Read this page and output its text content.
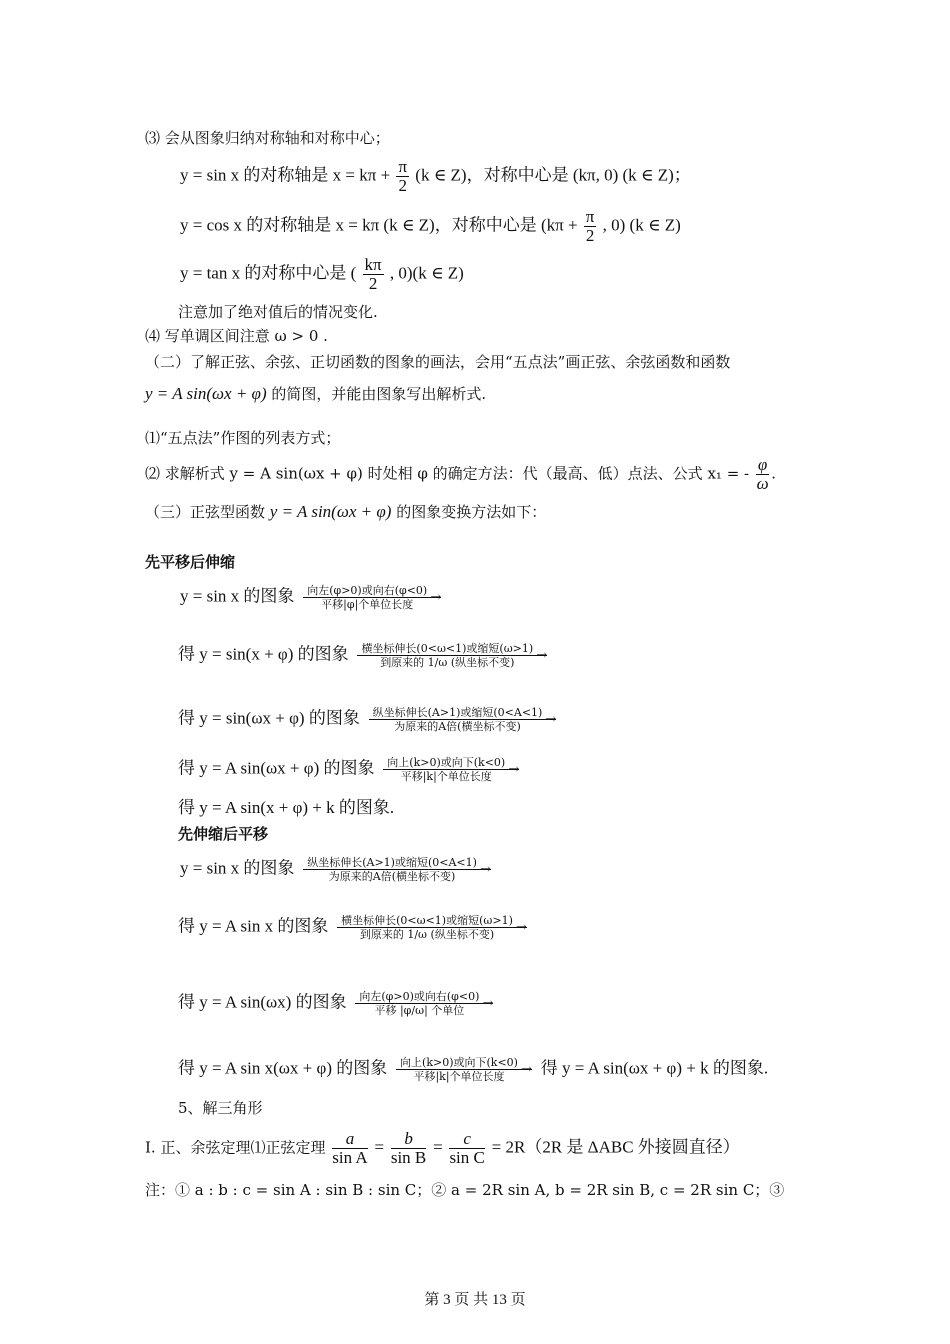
⑶ 会从图象归纳对称轴和对称中心；
y = sin x 的对称轴是 $x = k\pi + \frac{\pi}{2} (k$ ∈ Z)，对称中心是 (kπ, 0) (k ∈ Z)；
y = cos x 的对称轴是 x = kπ (k ∈ Z)，对称中心是 ($k\pi + \frac{\pi}{2}$ , 0) (k ∈ Z)
y = tan x 的对称中心是 ( $\frac{k\pi}{2}$ , 0)(k ∈ Z)
注意加了绝对值后的情况变化.
⑷ 写单调区间注意 ω > 0 .
（二）了解正弦、余弦、正切函数的图象的画法，会用“五点法”画正弦、余弦函数和函数
y = A sin(ωx + φ) 的简图，并能由图象写出解析式.
⑴“五点法”作图的列表方式；
⑵ 求解析式 y = A sin(ωx + φ) 时处相 φ 的确定方法：代（最高、低）点法、公式 x₁ = - $\frac{\varphi}{\omega}$ .
（三）正弦型函数 y = A sin(ωx + φ) 的图象变换方法如下：
先平移后伸缩
y = sin x 的图象	向左(φ>0)或向右(φ<0)
平移|φ|个单位长度	→
得 y = sin(x + φ) 的图象	横坐标伸长(0<ω<1)或缩短(ω>1)
到原来的 1/ω (纵坐标不变)	→
得 y = sin(ωx + φ) 的图象	纵坐标伸长(A>1)或缩短(0<A<1)
为原来的A倍(横坐标不变)	→
得 y = A sin(ωx + φ) 的图象	向上(k>0)或向下(k<0)
平移|k|个单位长度	→
得 y = A sin(x + φ) + k 的图象.
先伸缩后平移
y = sin x 的图象	纵坐标伸长(A>1)或缩短(0<A<1)
为原来的A倍(横坐标不变)	→
得 y = A sin x 的图象	横坐标伸长(0<ω<1)或缩短(ω>1)
到原来的 1/ω (纵坐标不变)	→
得 y = A sin(ωx) 的图象	向左(φ>0)或向右(φ<0)
平移 |φ/ω| 个单位	→
得 y = A sin x(ωx + φ) 的图象	向上(k>0)或向下(k<0)
平移|k|个单位长度	→ 得 y = A sin(ωx + φ) + k 的图象.
5、解三角形
Ⅰ. 正、余弦定理⑴正弦定理 $\frac{a}{\text{sin A}} = \frac{b}{\text{sin B}} = \frac{c}{\text{sin C}} = 2R(2R$ 是 ΔABC 外接圆直径）
注：① a : b : c = sin A : sin B : sin C；② a = 2R sin A, b = 2R sin B, c = 2R sin C；③
第 3 页 共 13 页
